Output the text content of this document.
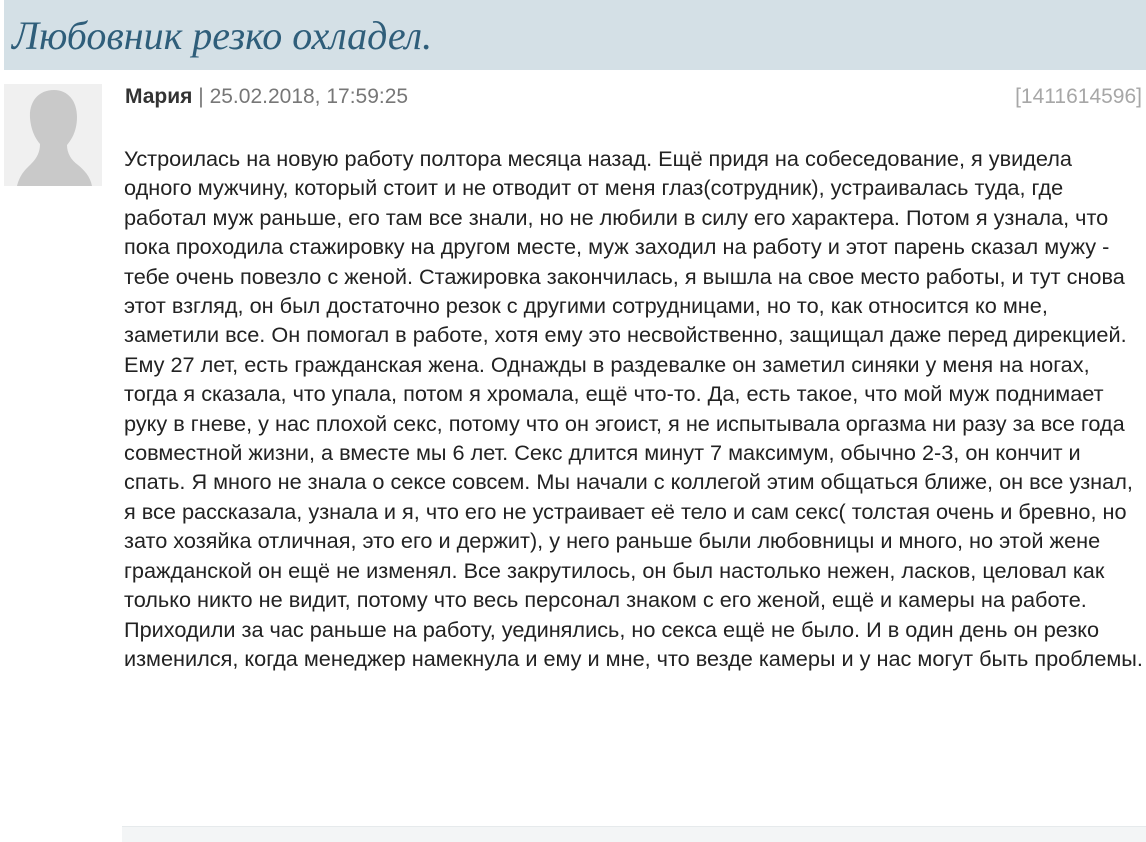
Любовник резко охладел.
Мария | 25.02.2018, 17:59:25	[1411614596]

Устроилась на новую работу полтора месяца назад. Ещё придя на собеседование, я увидела одного мужчину, который стоит и не отводит от меня глаз(сотрудник), устраивалась туда, где работал муж раньше, его там все знали, но не любили в силу его характера. Потом я узнала, что пока проходила стажировку на другом месте, муж заходил на работу и этот парень сказал мужу - тебе очень повезло с женой. Стажировка закончилась, я вышла на свое место работы, и тут снова этот взгляд, он был достаточно резок с другими сотрудницами, но то, как относится ко мне, заметили все. Он помогал в работе, хотя ему это несвойственно, защищал даже перед дирекцией. Ему 27 лет, есть гражданская жена. Однажды в раздевалке он заметил синяки у меня на ногах, тогда я сказала, что упала, потом я хромала, ещё что-то. Да, есть такое, что мой муж поднимает руку в гневе, у нас плохой секс, потому что он эгоист, я не испытывала оргазма ни разу за все года совместной жизни, а вместе мы 6 лет. Секс длится минут 7 максимум, обычно 2-3, он кончит и спать. Я много не знала о сексе совсем. Мы начали с коллегой этим общаться ближе, он все узнал, я все рассказала, узнала и я, что его не устраивает её тело и сам секс( толстая очень и бревно, но зато хозяйка отличная, это его и держит), у него раньше были любовницы и много, но этой жене гражданской он ещё не изменял. Все закрутилось, он был настолько нежен, ласков, целовал как только никто не видит, потому что весь персонал знаком с его женой, ещё и камеры на работе. Приходили за час раньше на работу, уединялись, но секса ещё не было. И в один день он резко изменился, когда менеджер намекнула и ему и мне, что везде камеры и у нас могут быть проблемы.
